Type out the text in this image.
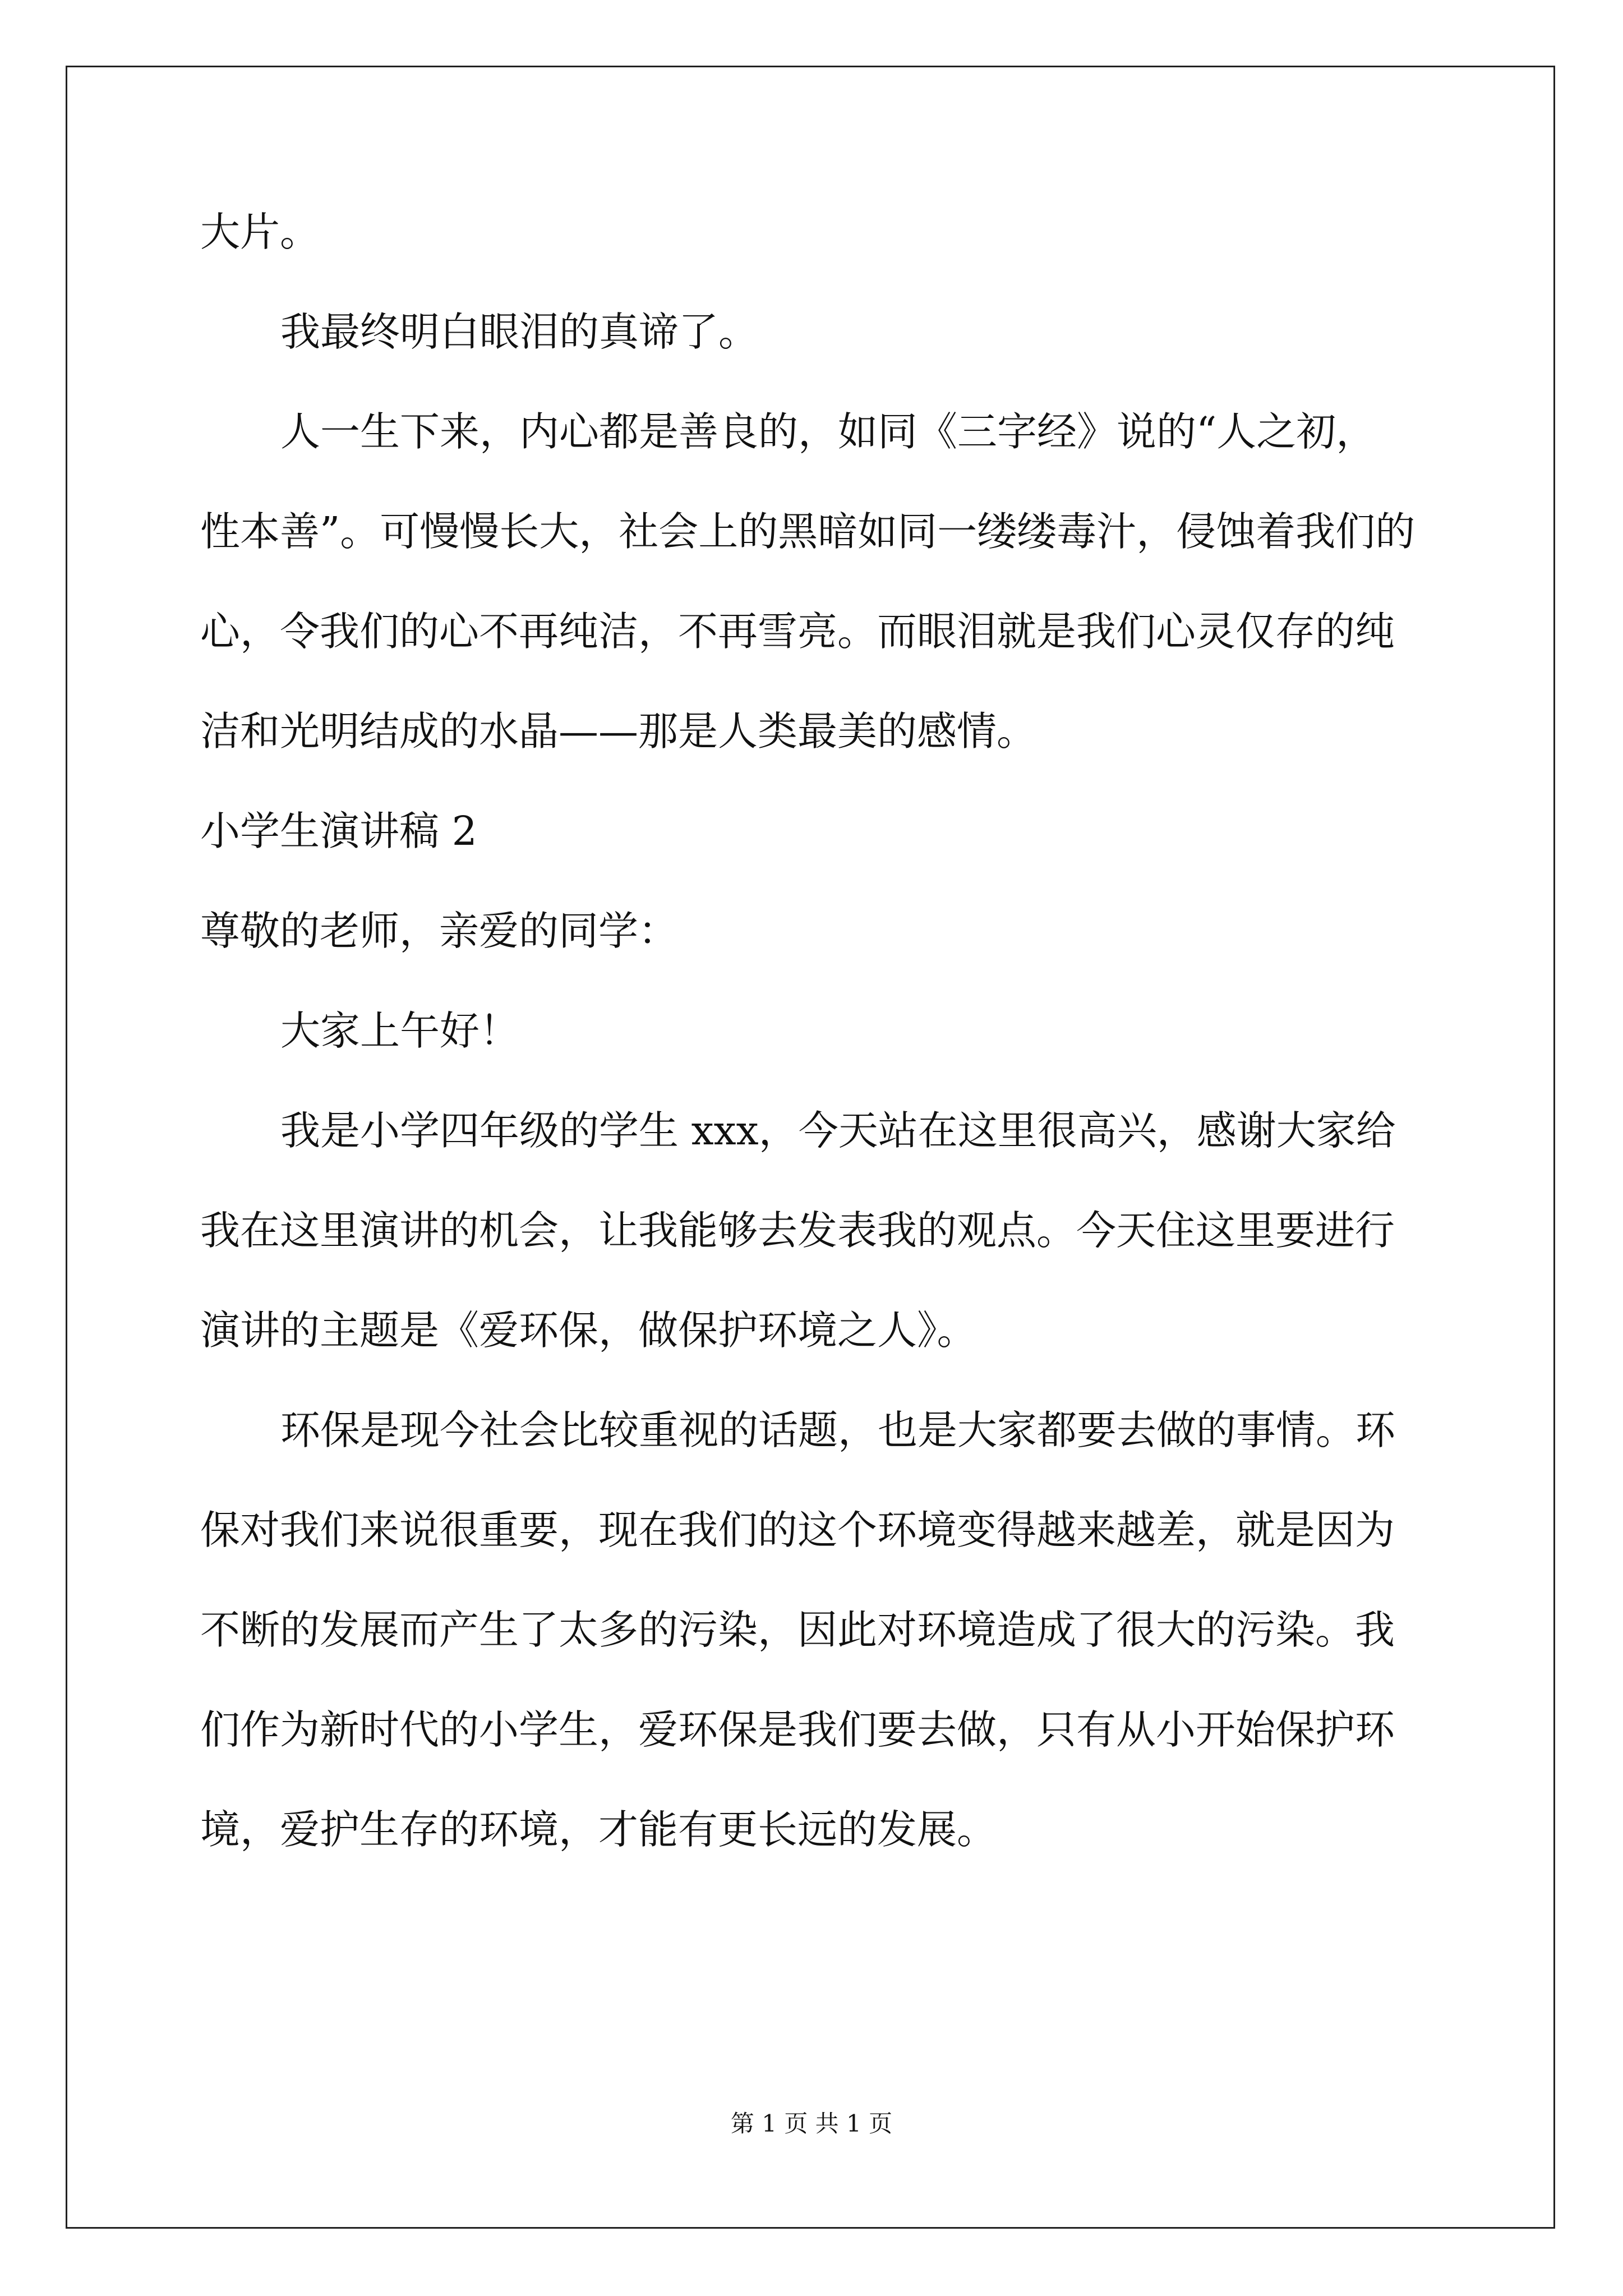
大片。
我最终明白眼泪的真谛了。
人一生下来，内心都是善良的，如同《三字经》说的“人之初，
性本善”。可慢慢长大，社会上的黑暗如同一缕缕毒汁，侵蚀着我们的
心，令我们的心不再纯洁，不再雪亮。而眼泪就是我们心灵仅存的纯
洁和光明结成的水晶——那是人类最美的感情。
小学生演讲稿 2
尊敬的老师，亲爱的同学：
大家上午好！
我是小学四年级的学生 xxx，今天站在这里很高兴，感谢大家给
我在这里演讲的机会，让我能够去发表我的观点。今天住这里要进行
演讲的主题是《爱环保，做保护环境之人》。
环保是现今社会比较重视的话题，也是大家都要去做的事情。环
保对我们来说很重要，现在我们的这个环境变得越来越差，就是因为
不断的发展而产生了太多的污染，因此对环境造成了很大的污染。我
们作为新时代的小学生，爱环保是我们要去做，只有从小开始保护环
境，爱护生存的环境，才能有更长远的发展。
第 1 页 共 1 页
